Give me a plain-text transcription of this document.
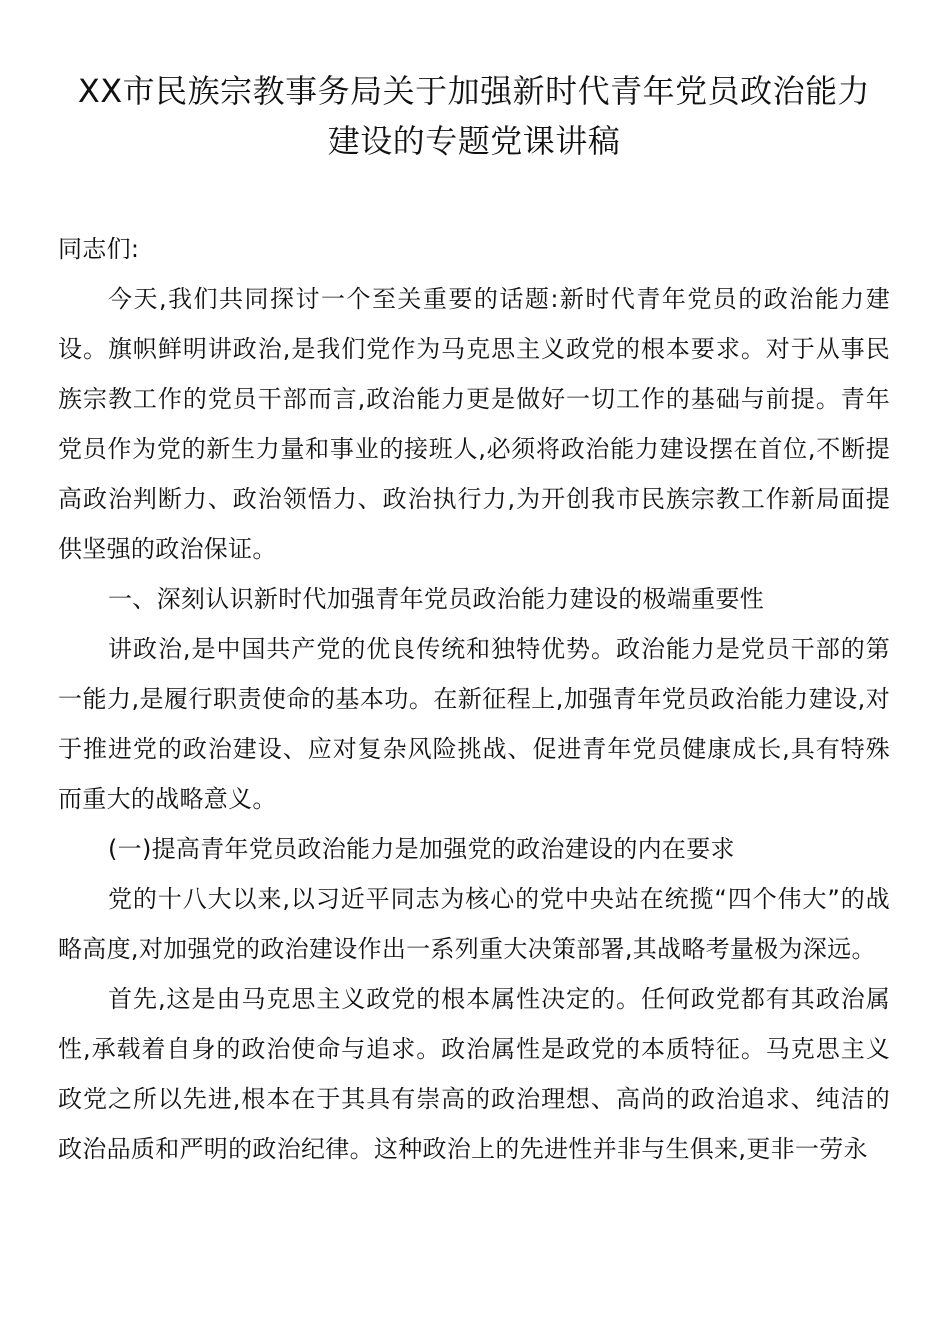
XX市民族宗教事务局关于加强新时代青年党员政治能力建设的专题党课讲稿

同志们:

今天,我们共同探讨一个至关重要的话题:新时代青年党员的政治能力建设。旗帜鲜明讲政治,是我们党作为马克思主义政党的根本要求。对于从事民族宗教工作的党员干部而言,政治能力更是做好一切工作的基础与前提。青年党员作为党的新生力量和事业的接班人,必须将政治能力建设摆在首位,不断提高政治判断力、政治领悟力、政治执行力,为开创我市民族宗教工作新局面提供坚强的政治保证。

一、深刻认识新时代加强青年党员政治能力建设的极端重要性

讲政治,是中国共产党的优良传统和独特优势。政治能力是党员干部的第一能力,是履行职责使命的基本功。在新征程上,加强青年党员政治能力建设,对于推进党的政治建设、应对复杂风险挑战、促进青年党员健康成长,具有特殊而重大的战略意义。

(一)提高青年党员政治能力是加强党的政治建设的内在要求

党的十八大以来,以习近平同志为核心的党中央站在统揽“四个伟大”的战略高度,对加强党的政治建设作出一系列重大决策部署,其战略考量极为深远。

首先,这是由马克思主义政党的根本属性决定的。任何政党都有其政治属性,承载着自身的政治使命与追求。政治属性是政党的本质特征。马克思主义政党之所以先进,根本在于其具有崇高的政治理想、高尚的政治追求、纯洁的政治品质和严明的政治纪律。这种政治上的先进性并非与生俱来,更非一劳永
